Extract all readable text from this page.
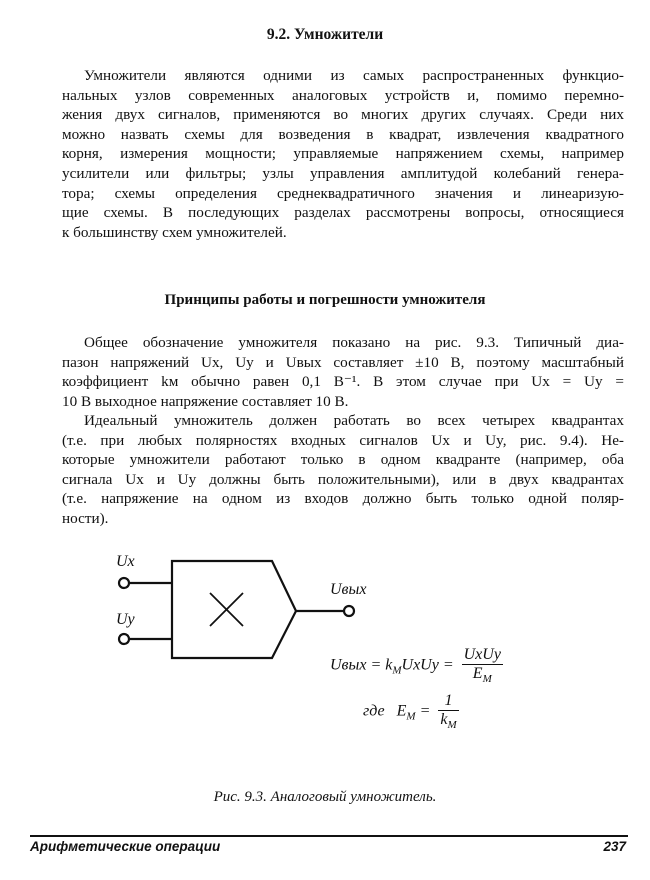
9.2. Умножители
Умножители являются одними из самых распространенных функцио-
нальных узлов современных аналоговых устройств и, помимо перемно-
жения двух сигналов, применяются во многих других случаях. Среди них
можно назвать схемы для возведения в квадрат, извлечения квадратного
корня, измерения мощности; управляемые напряжением схемы, например
усилители или фильтры; узлы управления амплитудой колебаний генера-
тора; схемы определения среднеквадратичного значения и линеаризую-
щие схемы. В последующих разделах рассмотрены вопросы, относящиеся
к большинству схем умножителей.
Принципы работы и погрешности умножителя
Общее обозначение умножителя показано на рис. 9.3. Типичный диа-
пазон напряжений Ux, Uy и Uвых составляет ±10 В, поэтому масштабный
коэффициент kм обычно равен 0,1 В⁻¹. В этом случае при Ux = Uy =
10 В выходное напряжение составляет 10 В.
Идеальный умножитель должен работать во всех четырех квадрантах
(т.е. при любых полярностях входных сигналов Ux и Uy, рис. 9.4). Не-
которые умножители работают только в одном квадранте (например, оба
сигнала Ux и Uy должны быть положительными), или в двух квадрантах
(т.е. напряжение на одном из входов должно быть только одной поляр-
ности).
Ux
Uy
Uвых
Uвых = $k_MUxUy = \frac{\text{UxUy}}{E_M}$
где $E_M = \frac{1}{k_M}$
Рис. 9.3. Аналоговый умножитель.
Арифметические операции	237
